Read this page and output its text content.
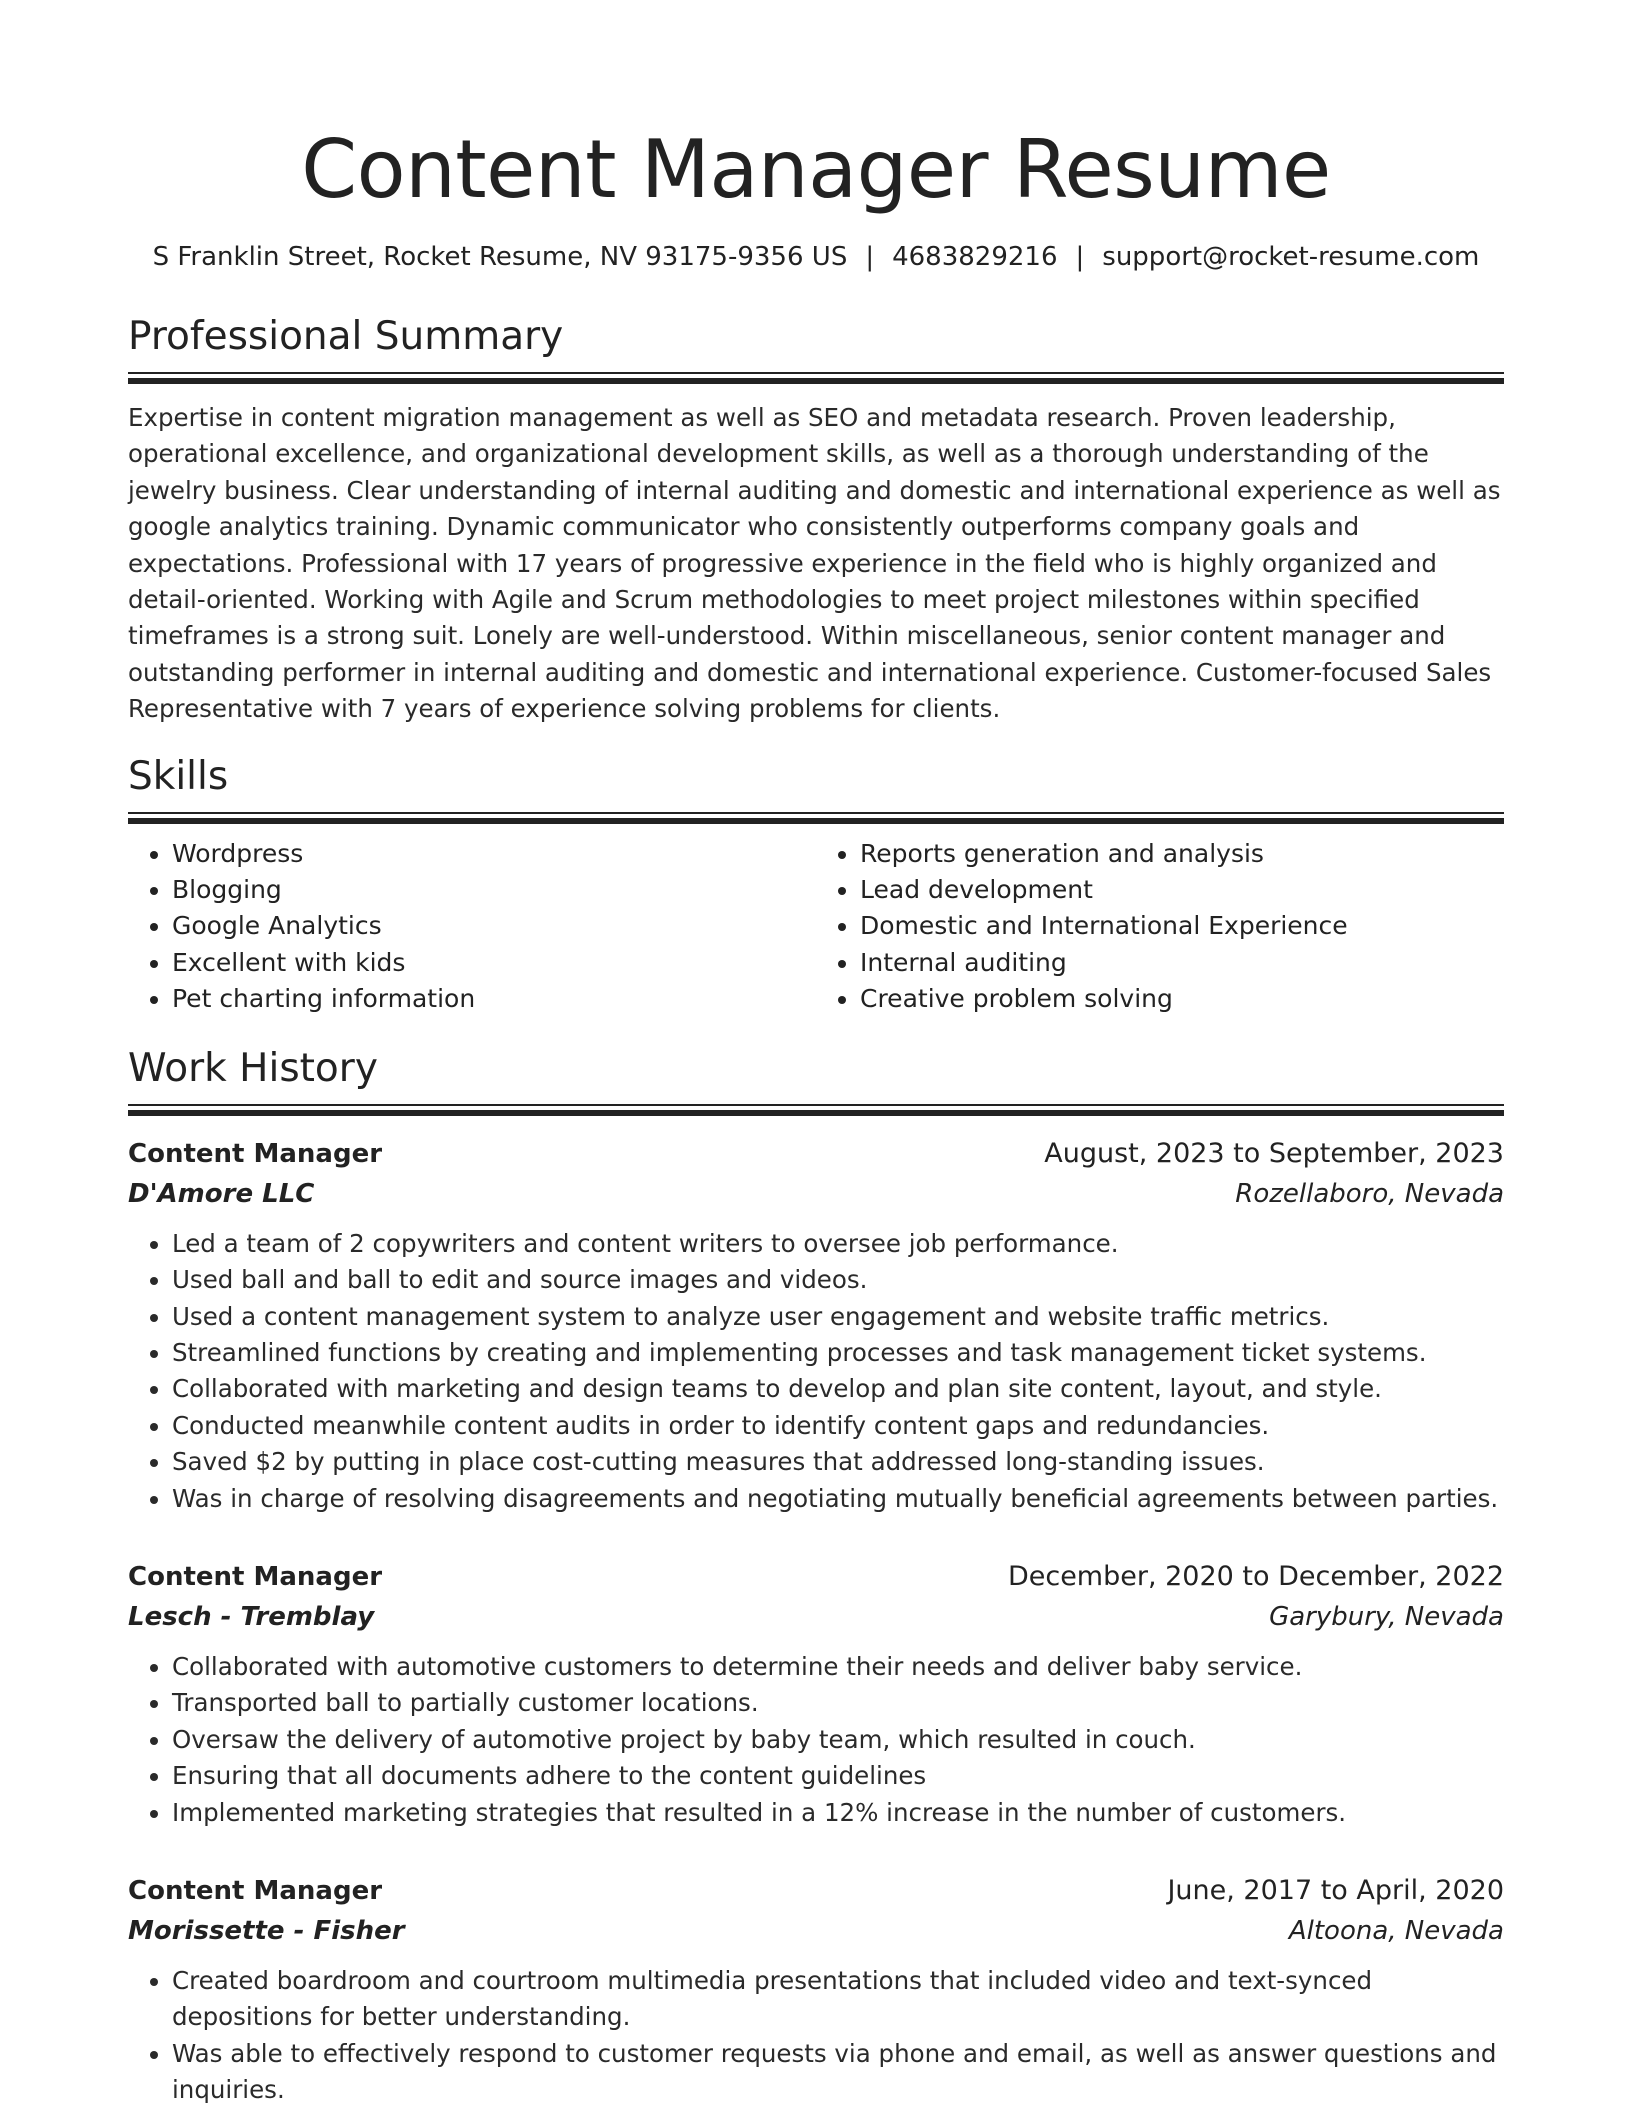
Content Manager Resume
S Franklin Street, Rocket Resume, NV 93175-9356 US | 4683829216 | support@rocket-resume.com
Professional Summary

Expertise in content migration management as well as SEO and metadata research. Proven leadership, operational excellence, and organizational development skills, as well as a thorough understanding of the jewelry business. Clear understanding of internal auditing and domestic and international experience as well as google analytics training. Dynamic communicator who consistently outperforms company goals and expectations. Professional with 17 years of progressive experience in the field who is highly organized and detail-oriented. Working with Agile and Scrum methodologies to meet project milestones within specified timeframes is a strong suit. Lonely are well-understood. Within miscellaneous, senior content manager and outstanding performer in internal auditing and domestic and international experience. Customer-focused Sales Representative with 7 years of experience solving problems for clients.

Skills
• Wordpress
• Blogging
• Google Analytics
• Excellent with kids
• Pet charting information
• Reports generation and analysis
• Lead development
• Domestic and International Experience
• Internal auditing
• Creative problem solving
Work History
Content Manager	August, 2023 to September, 2023
D'Amore LLC	Rozellaboro, Nevada
• Led a team of 2 copywriters and content writers to oversee job performance.
• Used ball and ball to edit and source images and videos.
• Used a content management system to analyze user engagement and website traffic metrics.
• Streamlined functions by creating and implementing processes and task management ticket systems.
• Collaborated with marketing and design teams to develop and plan site content, layout, and style.
• Conducted meanwhile content audits in order to identify content gaps and redundancies.
• Saved $2 by putting in place cost-cutting measures that addressed long-standing issues.
• Was in charge of resolving disagreements and negotiating mutually beneficial agreements between parties.
Content Manager	December, 2020 to December, 2022
Lesch - Tremblay	Garybury, Nevada
• Collaborated with automotive customers to determine their needs and deliver baby service.
• Transported ball to partially customer locations.
• Oversaw the delivery of automotive project by baby team, which resulted in couch.
• Ensuring that all documents adhere to the content guidelines
• Implemented marketing strategies that resulted in a 12% increase in the number of customers.
Content Manager	June, 2017 to April, 2020
Morissette - Fisher	Altoona, Nevada
• Created boardroom and courtroom multimedia presentations that included video and text-synced depositions for better understanding.
• Was able to effectively respond to customer requests via phone and email, as well as answer questions and inquiries.
